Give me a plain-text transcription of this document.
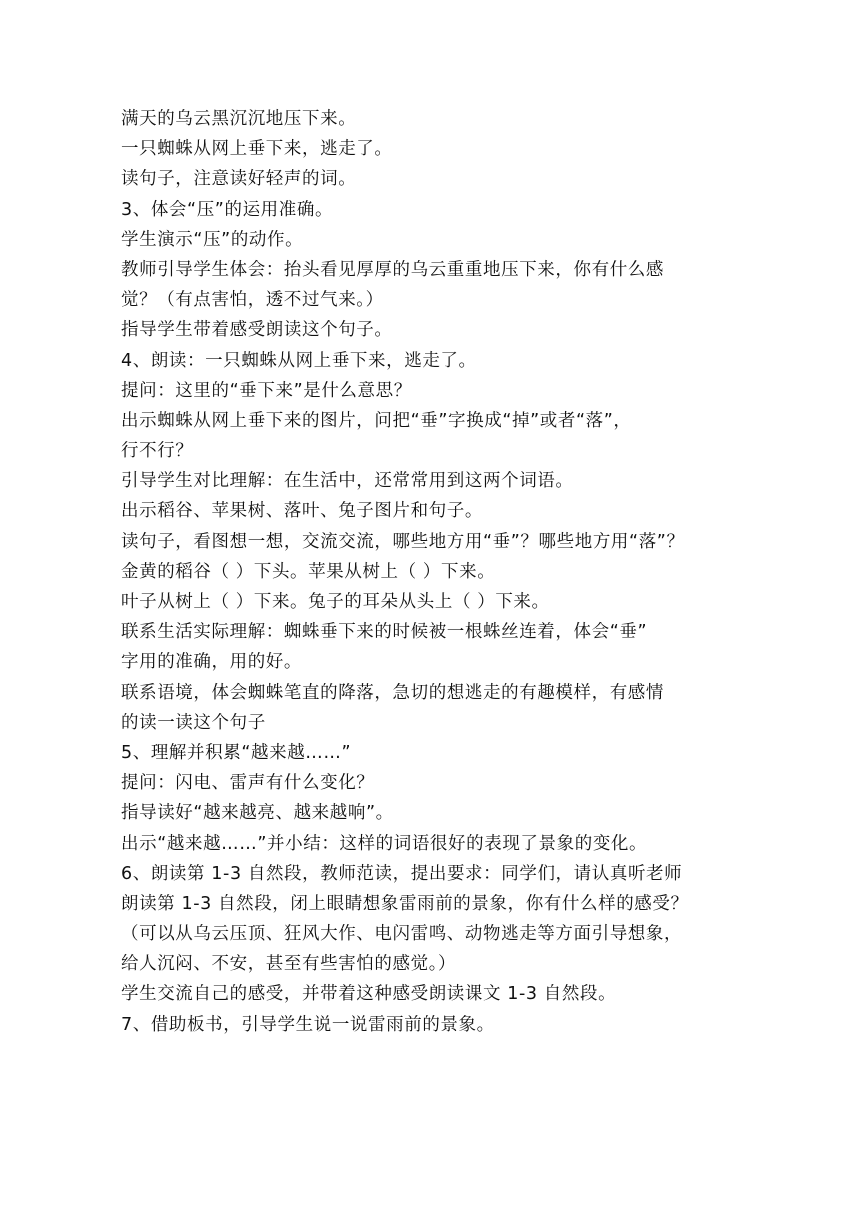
满天的乌云黑沉沉地压下来。
一只蜘蛛从网上垂下来，逃走了。
读句子，注意读好轻声的词。
3、体会“压”的运用准确。
学生演示“压”的动作。
教师引导学生体会：抬头看见厚厚的乌云重重地压下来，你有什么感
觉？（有点害怕，透不过气来。）
指导学生带着感受朗读这个句子。
4、朗读：一只蜘蛛从网上垂下来，逃走了。
提问：这里的“垂下来”是什么意思？
出示蜘蛛从网上垂下来的图片，问把“垂”字换成“掉”或者“落”，
行不行？
引导学生对比理解：在生活中，还常常用到这两个词语。
出示稻谷、苹果树、落叶、兔子图片和句子。
读句子，看图想一想，交流交流，哪些地方用“垂”？哪些地方用“落”？
金黄的稻谷（ ）下头。苹果从树上（ ）下来。
叶子从树上（ ）下来。兔子的耳朵从头上（ ）下来。
联系生活实际理解：蜘蛛垂下来的时候被一根蛛丝连着，体会“垂”
字用的准确，用的好。
联系语境，体会蜘蛛笔直的降落，急切的想逃走的有趣模样，有感情
的读一读这个句子
5、理解并积累“越来越……”
提问：闪电、雷声有什么变化？
指导读好“越来越亮、越来越响”。
出示“越来越……”并小结：这样的词语很好的表现了景象的变化。
6、朗读第 1-3 自然段，教师范读，提出要求：同学们，请认真听老师
朗读第 1-3 自然段，闭上眼睛想象雷雨前的景象，你有什么样的感受？
（可以从乌云压顶、狂风大作、电闪雷鸣、动物逃走等方面引导想象，
给人沉闷、不安，甚至有些害怕的感觉。）
学生交流自己的感受，并带着这种感受朗读课文 1-3 自然段。
7、借助板书，引导学生说一说雷雨前的景象。
